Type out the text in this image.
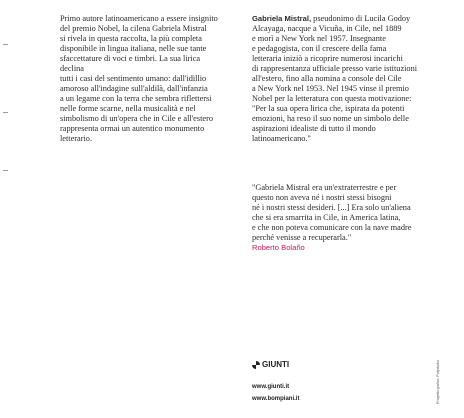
Primo autore latinoamericano a essere insignito

del premio Nobel, la cilena Gabriela Mistral

si rivela in questa raccolta, la più completa

disponibile in lingua italiana, nelle sue tante

sfaccettature di voci e timbri. La sua lirica declina

tutti i casi del sentimento umano: dall'idillio

amoroso all'indagine sull'aldilà, dall'infanzia

a un legame con la terra che sembra riflettersi

nelle forme scarne, nella musicalità e nel

simbolismo di un'opera che in Cile e all'estero

rappresenta ormai un autentico monumento

letterario.

Gabriela Mistral, pseudonimo di Lucila Godoy

Alcayaga, nacque a Vicuña, in Cile, nel 1889

e morì a New York nel 1957. Insegnante

e pedagogista, con il crescere della fama

letteraria iniziò a ricoprire numerosi incarichi

di rappresentanza ufficiale presso varie istituzioni

all'estero, fino alla nomina a console del Cile

a New York nel 1953. Nel 1945 vinse il premio

Nobel per la letteratura con questa motivazione:

"Per la sua opera lirica che, ispirata da potenti

emozioni, ha reso il suo nome un simbolo delle

aspirazioni idealiste di tutto il mondo

latinoamericano."

"Gabriela Mistral era un'extraterrestre e per

questo non aveva né i nostri stessi bisogni

né i nostri stessi desideri. [...] Era solo un'aliena

che si era smarrita in Cile, in America latina,

e che non poteva comunicare con la nave madre

perché venisse a recuperarla."

Roberto Bolaño

GIUNTI
www.giunti.it
www.bompiani.it	Progetto grafico: Polystudio
